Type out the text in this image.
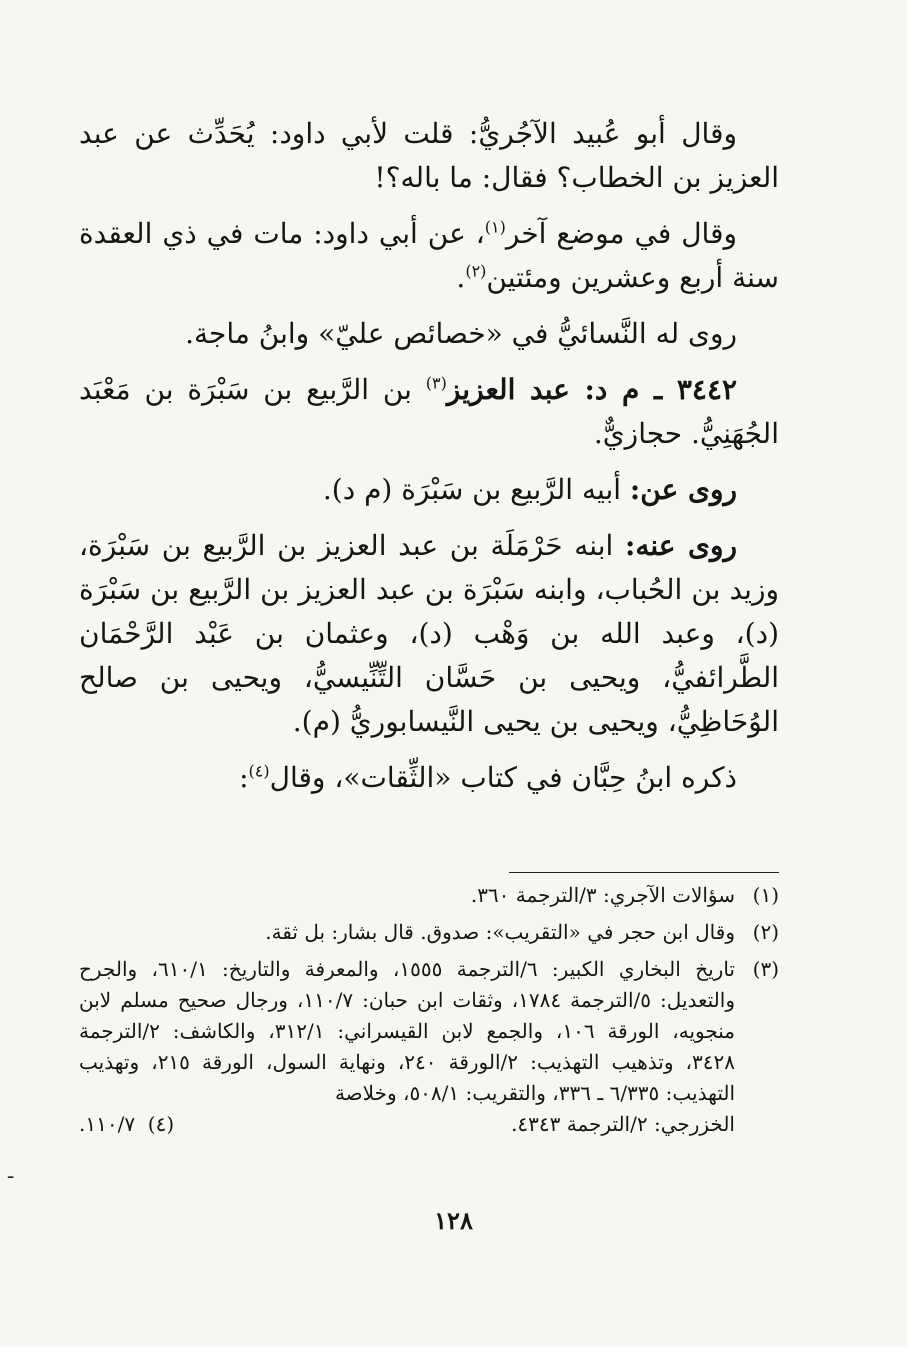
وقال أبو عُبيد الآجُريُّ: قلت لأبي داود: يُحَدِّث عن عبد العزيز بن الخطاب؟ فقال: ما باله؟!

وقال في موضع آخر$^{(١)}$، عن أبي داود: مات في ذي العقدة سنة أربع وعشرين ومئتين$^{(٢)}$.

روى له النَّسائيُّ في «خصائص عليّ» وابنُ ماجة.

٣٤٤٢ ـ م د: عبد العزيز$^{(٣)}$ بن الرَّبيع بن سَبْرَة بن مَعْبَد الجُهَنِيُّ. حجازيٌّ.

روى عن: أبيه الرَّبيع بن سَبْرَة (م د).

روى عنه: ابنه حَرْمَلَة بن عبد العزيز بن الرَّبيع بن سَبْرَة، وزيد بن الحُباب، وابنه سَبْرَة بن عبد العزيز بن الرَّبيع بن سَبْرَة (د)، وعبد الله بن وَهْب (د)، وعثمان بن عَبْد الرَّحْمَان الطَّرائفيُّ، ويحيى بن حَسَّان التِّنِّيسيُّ، ويحيى بن صالح الوُحَاظِيُّ، ويحيى بن يحيى النَّيسابوريُّ (م).

ذكره ابنُ حِبَّان في كتاب «الثِّقات»، وقال$^{(٤)}$:

(١)
سؤالات الآجري: ٣/الترجمة ٣٦٠.
(٢)
وقال ابن حجر في «التقريب»: صدوق. قال بشار: بل ثقة.
(٣)
تاريخ البخاري الكبير: ٦/الترجمة ١٥٥٥، والمعرفة والتاريخ: ٦١٠/١، والجرح والتعديل: ٥/الترجمة ١٧٨٤، وثقات ابن حبان: ١١٠/٧، ورجال صحيح مسلم لابن منجويه، الورقة ١٠٦، والجمع لابن القيسراني: ٣١٢/١، والكاشف: ٢/الترجمة ٣٤٢٨، وتذهيب التهذيب: ٢/الورقة ٢٤٠، ونهاية السول، الورقة ٢١٥، وتهذيب التهذيب: ٦/٣٣٥ ـ ٣٣٦، والتقريب: ٥٠٨/١، وخلاصة
الخزرجي: ٢/الترجمة ٤٣٤٣.
(٤)  ١١٠/٧.
١٢٨
ـ
